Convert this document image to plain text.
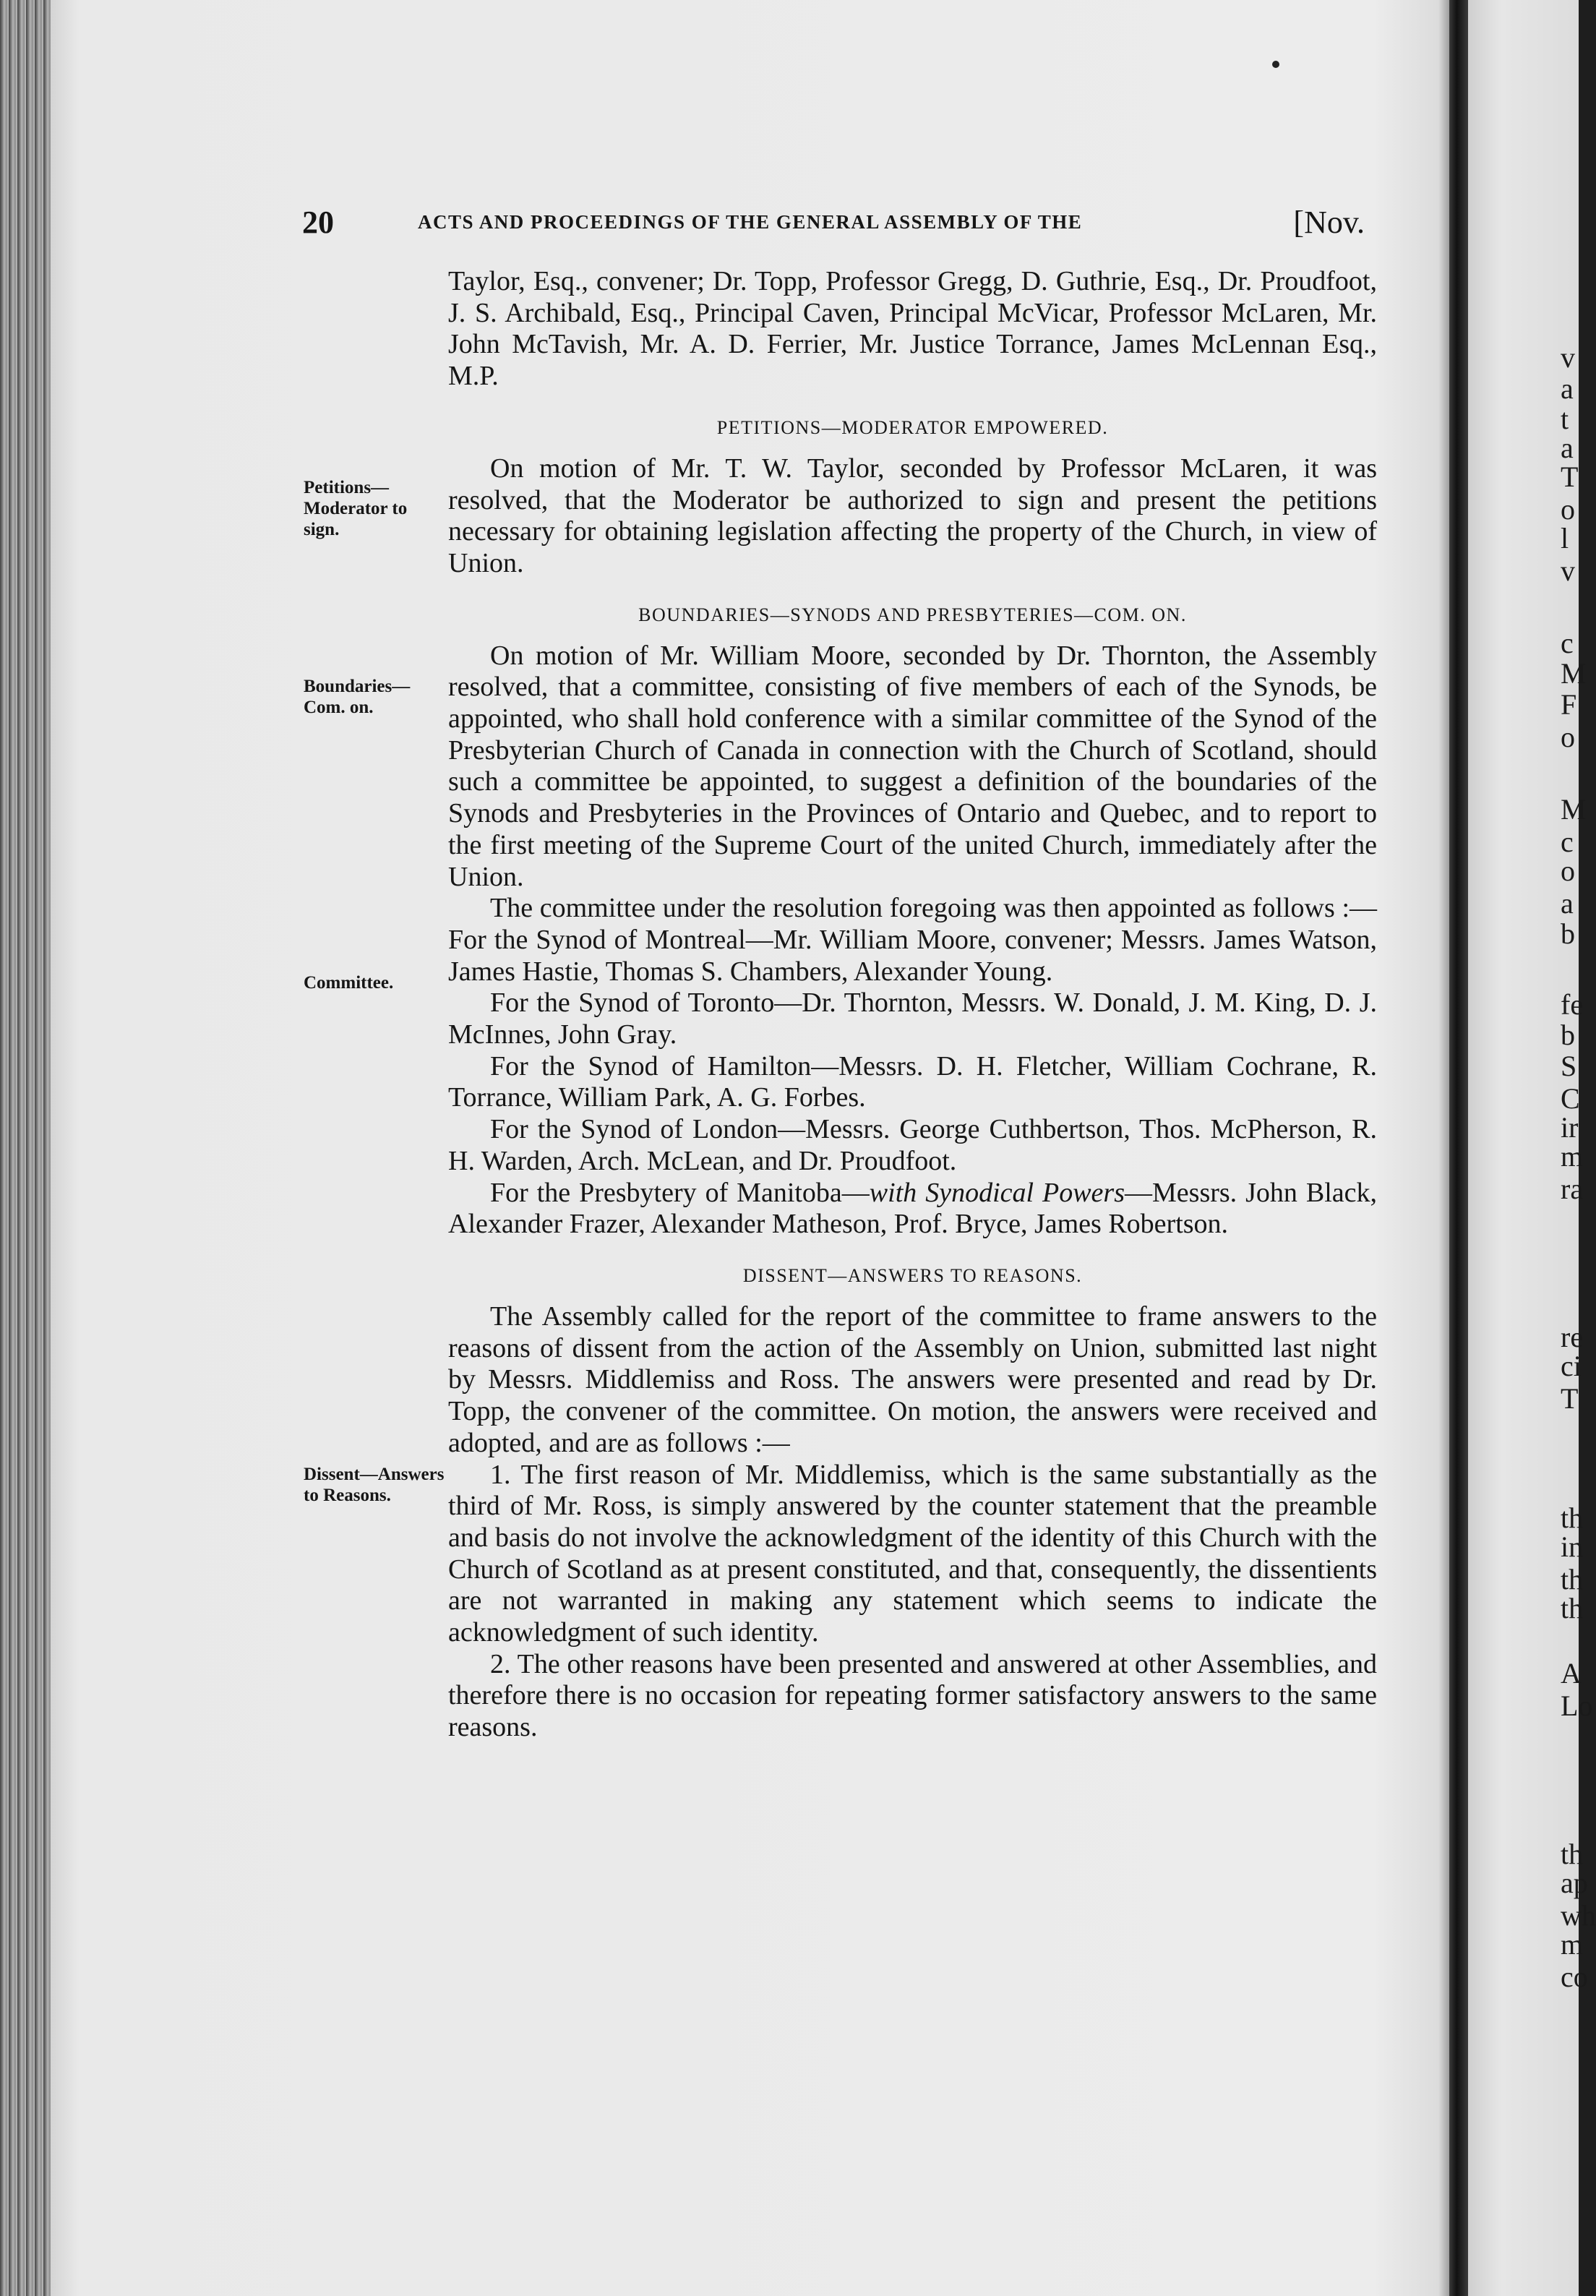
20	ACTS AND PROCEEDINGS OF THE GENERAL ASSEMBLY OF THE	[Nov.
Petitions—Moderator to sign.
Boundaries—Com. on.
Committee.
Dissent—Answers to Reasons.

Taylor, Esq., convener; Dr. Topp, Professor Gregg, D. Guthrie, Esq., Dr. Proudfoot, J. S. Archibald, Esq., Principal Caven, Principal McVicar, Professor McLaren, Mr. John McTavish, Mr. A. D. Ferrier, Mr. Justice Torrance, James McLennan Esq., M.P.

PETITIONS—MODERATOR EMPOWERED.

On motion of Mr. T. W. Taylor, seconded by Professor McLaren, it was resolved, that the Moderator be authorized to sign and present the petitions necessary for obtaining legislation affecting the property of the Church, in view of Union.

BOUNDARIES—SYNODS AND PRESBYTERIES—COM. ON.

On motion of Mr. William Moore, seconded by Dr. Thornton, the Assembly resolved, that a committee, consisting of five members of each of the Synods, be appointed, who shall hold conference with a similar committee of the Synod of the Presbyterian Church of Canada in connection with the Church of Scotland, should such a committee be appointed, to suggest a definition of the boundaries of the Synods and Presbyteries in the Provinces of Ontario and Quebec, and to report to the first meeting of the Supreme Court of the united Church, immediately after the Union.

The committee under the resolution foregoing was then appointed as follows :—For the Synod of Montreal—Mr. William Moore, convener; Messrs. James Watson, James Hastie, Thomas S. Chambers, Alexander Young.

For the Synod of Toronto—Dr. Thornton, Messrs. W. Donald, J. M. King, D. J. McInnes, John Gray.

For the Synod of Hamilton—Messrs. D. H. Fletcher, William Cochrane, R. Torrance, William Park, A. G. Forbes.

For the Synod of London—Messrs. George Cuthbertson, Thos. McPherson, R. H. Warden, Arch. McLean, and Dr. Proudfoot.

For the Presbytery of Manitoba—with Synodical Powers—Messrs. John Black, Alexander Frazer, Alexander Matheson, Prof. Bryce, James Robertson.

DISSENT—ANSWERS TO REASONS.

The Assembly called for the report of the committee to frame answers to the reasons of dissent from the action of the Assembly on Union, submitted last night by Messrs. Middlemiss and Ross. The answers were presented and read by Dr. Topp, the convener of the committee. On motion, the answers were received and adopted, and are as follows :—

1. The first reason of Mr. Middlemiss, which is the same substantially as the third of Mr. Ross, is simply answered by the counter statement that the preamble and basis do not involve the acknowledgment of the identity of this Church with the Church of Scotland as at present constituted, and that, consequently, the dissentients are not warranted in making any statement which seems to indicate the acknowledgment of such identity.

2. The other reasons have been presented and answered at other Assemblies, and therefore there is no occasion for repeating former satisfactory answers to the same reasons.

v
a
t
a
T
o
l
v
c
M
F
o
M
c
o
a
b
fe
b
S
C
ir
m
ra
re
ci
T
th
in
th
th
A
Lo
th
ap
wh
m
co
